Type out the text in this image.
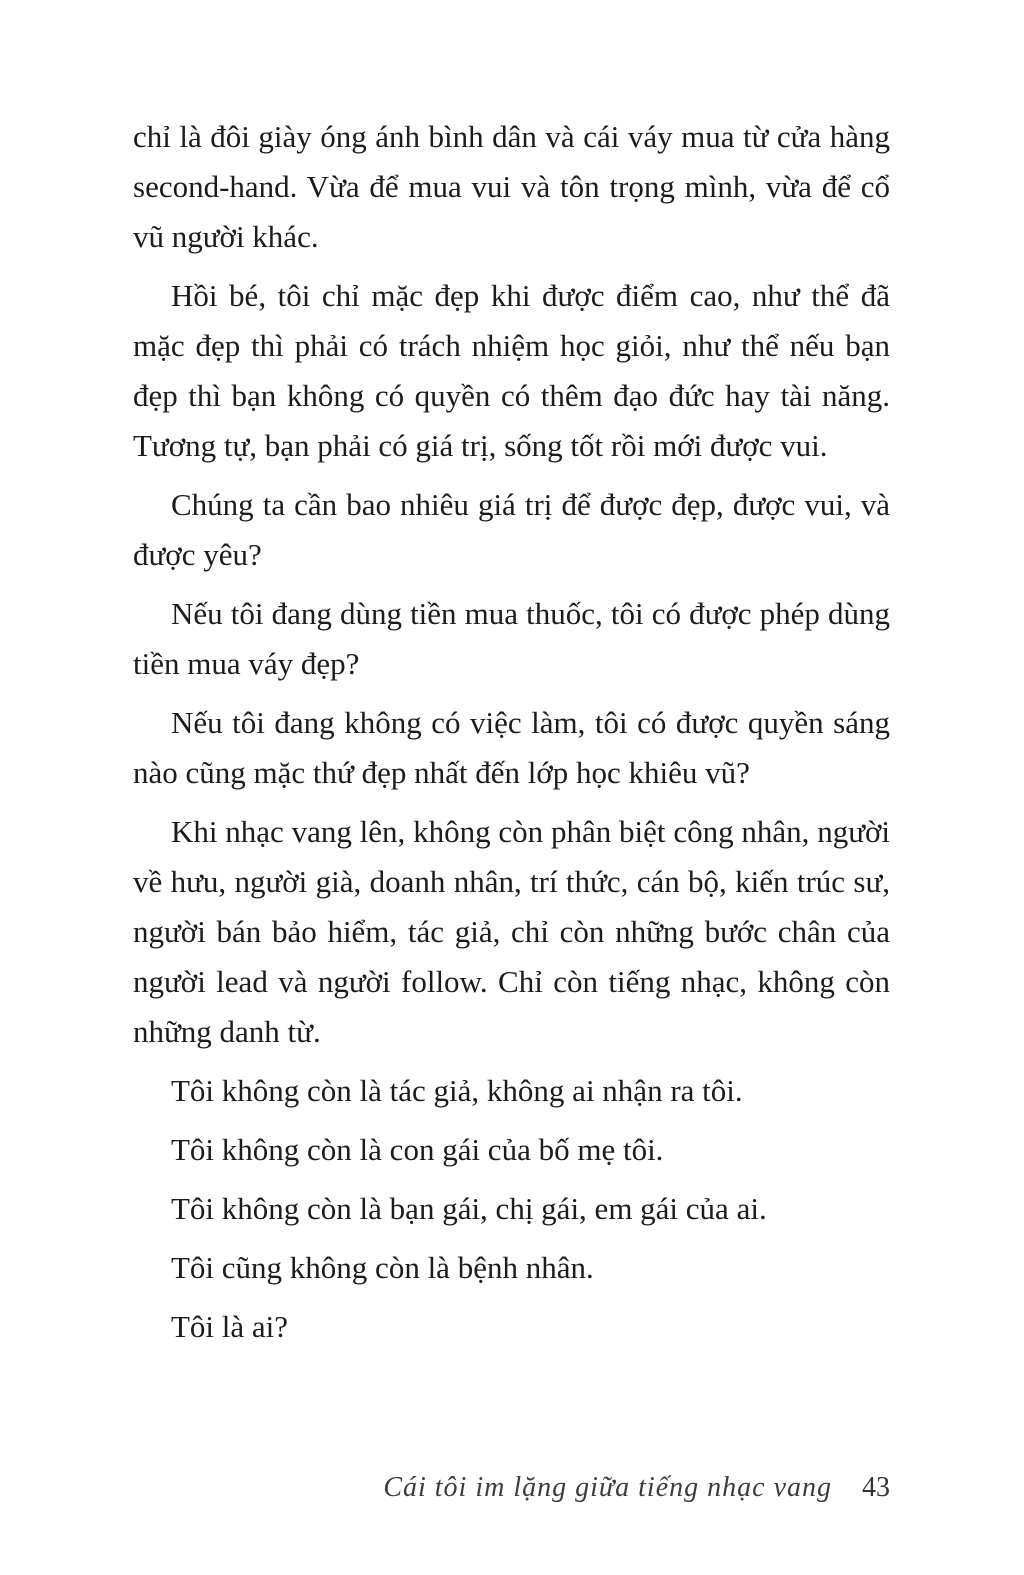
chỉ là đôi giày óng ánh bình dân và cái váy mua từ cửa hàng second-hand. Vừa để mua vui và tôn trọng mình, vừa để cổ vũ người khác.

Hồi bé, tôi chỉ mặc đẹp khi được điểm cao, như thể đã mặc đẹp thì phải có trách nhiệm học giỏi, như thể nếu bạn đẹp thì bạn không có quyền có thêm đạo đức hay tài năng. Tương tự, bạn phải có giá trị, sống tốt rồi mới được vui.

Chúng ta cần bao nhiêu giá trị để được đẹp, được vui, và được yêu?

Nếu tôi đang dùng tiền mua thuốc, tôi có được phép dùng tiền mua váy đẹp?

Nếu tôi đang không có việc làm, tôi có được quyền sáng nào cũng mặc thứ đẹp nhất đến lớp học khiêu vũ?

Khi nhạc vang lên, không còn phân biệt công nhân, người về hưu, người già, doanh nhân, trí thức, cán bộ, kiến trúc sư, người bán bảo hiểm, tác giả, chỉ còn những bước chân của người lead và người follow. Chỉ còn tiếng nhạc, không còn những danh từ.

Tôi không còn là tác giả, không ai nhận ra tôi.

Tôi không còn là con gái của bố mẹ tôi.

Tôi không còn là bạn gái, chị gái, em gái của ai.

Tôi cũng không còn là bệnh nhân.

Tôi là ai?

Cái tôi im lặng giữa tiếng nhạc vang 43
